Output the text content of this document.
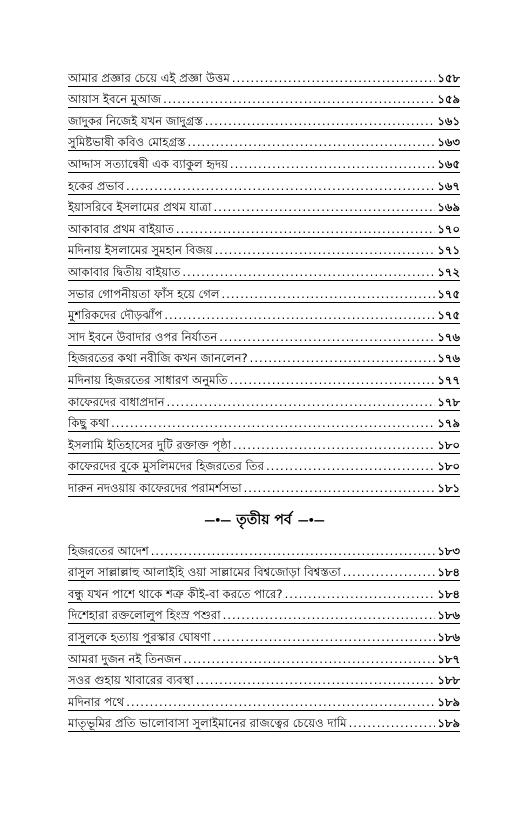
আমার প্রজ্ঞার চেয়ে এই প্রজ্ঞা উত্তম .....	১৫৮
আয়াস ইবনে মুআজ .....	১৫৯
জাদুকর নিজেই যখন জাদুগ্রস্ত .....	১৬১
সুমিষ্টভাষী কবিও মোহগ্রস্ত .....	১৬৩
আদ্দাস সত্যান্বেষী এক ব্যাকুল হৃদয় .....	১৬৫
হকের প্রভাব .....	১৬৭
ইয়াসরিবে ইসলামের প্রথম যাত্রা .....	১৬৯
আকাবার প্রথম বাইয়াত .....	১৭০
মদিনায় ইসলামের সুমহান বিজয় .....	১৭১
আকাবার দ্বিতীয় বাইয়াত .....	১৭২
সভার গোপনীয়তা ফাঁস হয়ে গেল .....	১৭৫
মুশরিকদের দৌড়ঝাঁপ .....	১৭৫
সাদ ইবনে উবাদার ওপর নির্যাতন .....	১৭৬
হিজরতের কথা নবীজি কখন জানলেন? .....	১৭৬
মদিনায় হিজরতের সাধারণ অনুমতি .....	১৭৭
কাফেরদের বাধাপ্রদান .....	১৭৮
কিছু কথা .....	১৭৯
ইসলামি ইতিহাসের দুটি রক্তাক্ত পৃষ্ঠা .....	১৮০
কাফেরদের বুকে মুসলিমদের হিজরতের তির .....	১৮০
দারুন নদওয়ায় কাফেরদের পরামর্শসভা .....	১৮১
—•— তৃতীয় পর্ব —•—
হিজরতের আদেশ .....	১৮৩
রাসুল সাল্লাল্লাহু আলাইহি ওয়া সাল্লামের বিশ্বজোড়া বিশ্বস্ততা .....	১৮৪
বন্ধু যখন পাশে থাকে শত্রু কীই-বা করতে পারে? .....	১৮৪
দিশেহারা রক্তলোলুপ হিংস্র পশুরা .....	১৮৬
রাসুলকে হত্যায় পুরস্কার ঘোষণা .....	১৮৬
আমরা দুজন নই তিনজন .....	১৮৭
সওর গুহায় খাবারের ব্যবস্থা .....	১৮৮
মদিনার পথে .....	১৮৯
মাতৃভূমির প্রতি ভালোবাসা সুলাইমানের রাজত্বের চেয়েও দামি .....	১৮৯
